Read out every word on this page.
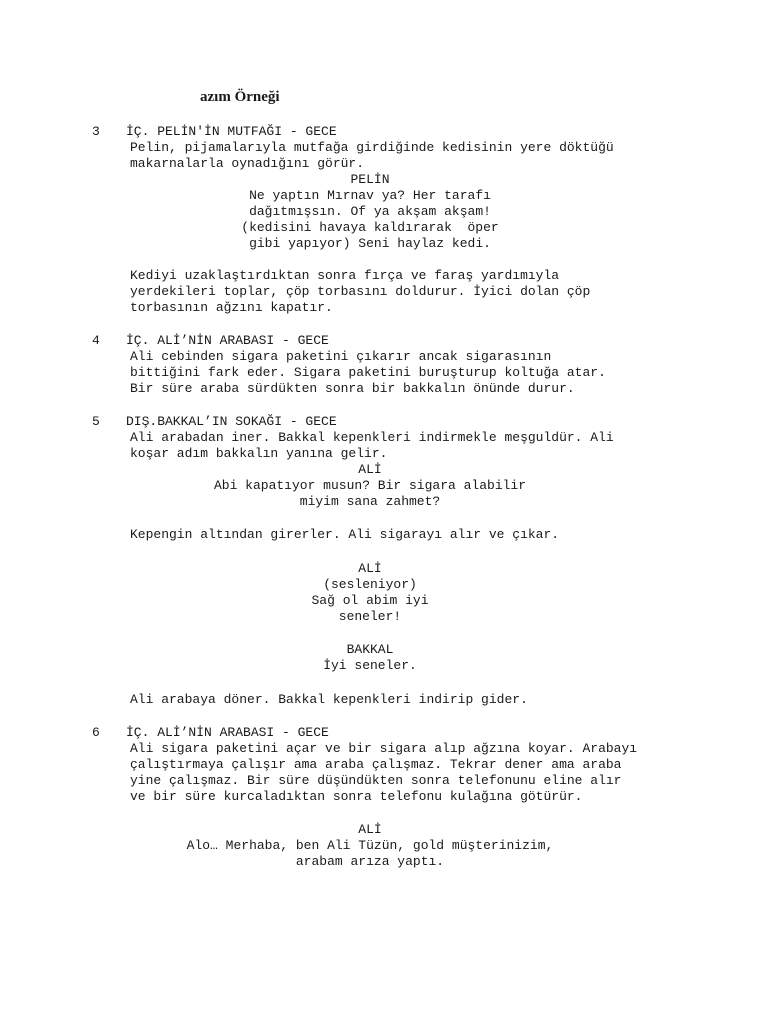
azım Örneği
3 İÇ. PELİN'İN MUTFAĞI - GECE
Pelin, pijamalarıyla mutfağa girdiğinde kedisinin yere döktüğü
makarnalarla oynadığını görür.
PELİN
Ne yaptın Mırnav ya? Her tarafı
dağıtmışsın. Of ya akşam akşam!
(kedisini havaya kaldırarak  öper
gibi yapıyor) Seni haylaz kedi.
Kediyi uzaklaştırdıktan sonra fırça ve faraş yardımıyla
yerdekileri toplar, çöp torbasını doldurur. İyici dolan çöp
torbasının ağzını kapatır.
4 İÇ. ALİ’NİN ARABASI - GECE
Ali cebinden sigara paketini çıkarır ancak sigarasının
bittiğini fark eder. Sigara paketini buruşturup koltuğa atar.
Bir süre araba sürdükten sonra bir bakkalın önünde durur.
5 DIŞ.BAKKAL’IN SOKAĞI - GECE
Ali arabadan iner. Bakkal kepenkleri indirmekle meşguldür. Ali
koşar adım bakkalın yanına gelir.
ALİ
Abi kapatıyor musun? Bir sigara alabilir
miyim sana zahmet?
Kepengin altından girerler. Ali sigarayı alır ve çıkar.
ALİ
(sesleniyor)
Sağ ol abim iyi
seneler!
BAKKAL
İyi seneler.
Ali arabaya döner. Bakkal kepenkleri indirip gider.
6 İÇ. ALİ’NİN ARABASI - GECE
Ali sigara paketini açar ve bir sigara alıp ağzına koyar. Arabayı
çalıştırmaya çalışır ama araba çalışmaz. Tekrar dener ama araba
yine çalışmaz. Bir süre düşündükten sonra telefonunu eline alır
ve bir süre kurcaladıktan sonra telefonu kulağına götürür.
ALİ
Alo… Merhaba, ben Ali Tüzün, gold müşterinizim,
arabam arıza yaptı.
